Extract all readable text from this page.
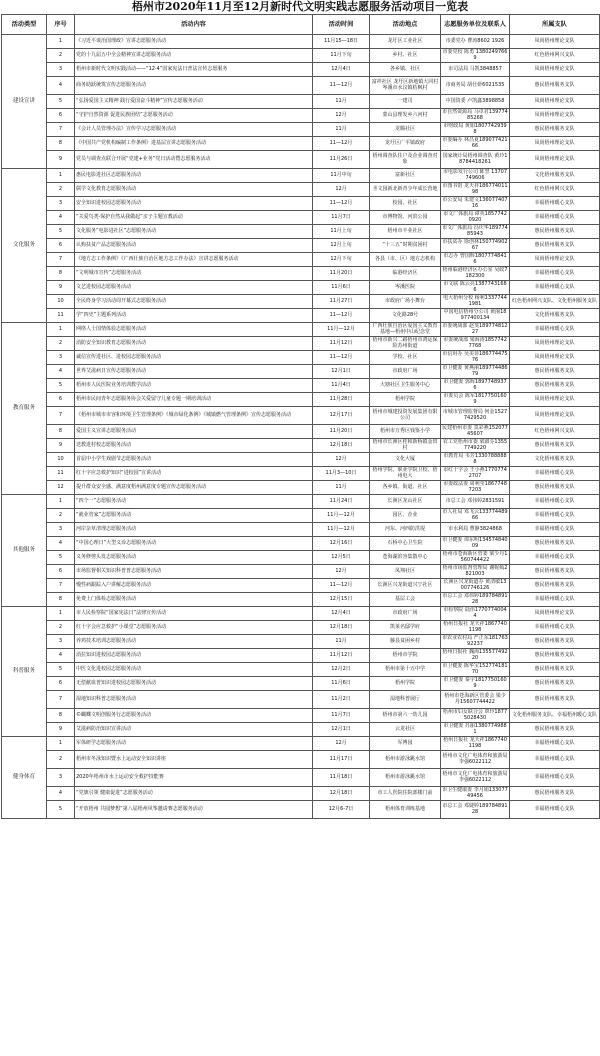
梧州市2020年11月至12月新时代文明实践志愿服务活动项目一览表
活动类型	序号	活动内容	活动时间	活动地点	志愿服务单位及联系人	所属支队
建设宣讲	1	《习近平谈治国理政》宣讲志愿服务活动	11月15—18日	龙圩区工业社区	市委党办 曹涛8602 1926	凤尚梧州理论支队
	2	党的十九届五中全会精神宣讲志愿服务活动	11月下旬	乡村、社区	市委党校 陈勇 13802497669	红色梧州网兴支队
	3	梧州市新时代文明实践活动——“12·4”国家宪法日普法宣传志愿服务	12月4日	各乡镇、社区	市司法局 马凯3848857	凤尚梧州理论支队
	4	商务助跃统筑宣传志愿服务活动	11—12月	富祥社区 龙圩区新地镇大同村 岑溪市水汶镇桔枫村	市商务局 胡仕妍6021535	惠民梧州服务支队
	5	“弘扬爱国主义精神 践行爱国奋斗精神”宣传志愿服务活动	11月	一建司	中国资委 卢凯鑫3898858	凤尚梧州理论支队
	6	“守护自然资源 促进民族团结”志愿服务活动	12月	蒙山县理发乡六河村	市自然资源局 马卓君13977485268	凤尚梧州理论支队
	7	《会计人员管理办法》宣传学习志愿服务活动	11月	龙腾社区	市财政局 黄娟18077429398	惠民梧州服务支队
	8	《中国共产党机构编制工作条例》进基层宣讲志愿服务活动	11—12月	龙圩区广平镇政府	市委编办 林昌夏18907742166	凤尚梧州理论支队
	9	党员与调查点联合开展“党建+业务”党日活动暨志愿服务活动	11月26日	梧州调查队住户及企业调查对象	国家统计局梧州调查队 黄玲18784418261	凤尚梧州理论支队
文化服务	1	惠民电影进社区志愿服务活动	11月中旬	富新社区	市电影发行公司 陈坚 13707749606	文化梧州服务支队
	2	儒学文化教育志愿服务活动	12月	圣文园新北新青少年成长营地	市图书馆 龙天祥18677401198	红色梧州网兴支队
	3	安全知识进校园志愿服务活动	11—12月	校园、社区	市公安局 朱建文13607740716	幸福梧州暖心支队
	4	“关爱鸟类·保护自然从我做起”亲子主题宣教活动	11月7日	市博物馆、河滨公园	市文广体旅局 谭英18577420920	幸福梧州暖心支队
	5	文化服务“电影进社区”志愿服务活动	11月上旬	梧州市丰业社区	市文广体旅局 冯庆华18977485943	惠民梧州服务支队
	6	认购扶贫产品志愿服务活动	12月上旬	“十三五”时期贫困村	市扶贫办 徐创林15077490267	惠民梧州服务支队
	7	《地方志工作条例》《广西壮族自治区地方志工作办法》宣讲志愿服务活动	12月下旬	各县（市、区）地方志机构	市志办 曾国辉18077748416	凤尚梧州理论支队
	8	“文明城市宣传”志愿服务活动	11月20日	临港经济区	梧州临港经济区办公室 吴政7182300	幸福梧州暖心支队
	9	文艺进校园志愿服务活动	11月6日	岑溪医院	市文联 陈云亮13877431686	幸福梧州暖心支队
	10	全民终身学习活动周开幕式志愿服务活动	11月27日	市政府广场小舞台	电大梧州分校 杨利13377441981	红色梧州网兴支队、文化梧州服务支队
	11	学“四史”主题系列活动	11—12月	文化路28号	中国电信梧州分公司 黄丽18977400134	文化梧州服务支队
教育服务	1	网络人士国情体验志愿服务活动	11月—12月	广西壮族自治区爱国主义教育基地—梧州中山纪念堂	市委统战部 赵斐18977481227	幸福梧州暖心支队
	2	消防安全知识教育志愿服务活动	11月12日	梧州市新兴二路梧州市鸿运保险苏州街道	市委统战部 梁海涛18577427768	凤尚梧州理论支队
	3	诚信宣传进社区、进校园志愿服务活动	11—12月	学校、社区	市信用办 吴美菲18677447576	凤尚梧州理论支队
	4	世界艾滋病日宣传志愿服务活动	12月1日	市政府广场	市卫健委 黄燕丽18977448679	惠民梧州服务支队
	5	梧州市人民医院业务培训教学活动	11月4日	大塘社区卫生服务中心	市卫健委 郭辉18977489376	惠民梧州服务支队
	6	梧州市民间青年志愿服务协会关爱留守儿童专题一期培训活动	11月28日	梧州学院	市委员会 陈军18177501609	凤尚梧州理论支队
	7	《梧州市城市市容和环境卫生管理条例》《城市绿化条例》《城镇燃气管理条例》宣传志愿服务活动	12月17日	梧州市城建投资发展集团有限公司	市城市管理监督局 何金15277429520	凤尚梧州理论支队
	8	爱国主义宣讲志愿服务活动	11月20日	梧州市万秀区钱鉴小学	民建梧州市委 莫彩燕15207745607	红色梧州网兴支队
	9	送教进村校志愿服务活动	12月18日	梧州市长洲区桂和新桥镇金田村	农工党梧州市委 梁淑芬13557749220	惠民梧州服务支队
	10	首届中小学生戏剧节志愿服务活动	12月	文化大厦	市教育局 韦芳13307888888	文化梧州服务支队
	11	红十字应急救护知识“进校园”宣讲活动	11月3—10日	梧州学院、职业学院卫校、梧州电大	市红十字会 王小燕17707742707	幸福梧州暖心支队
	12	提升群众安全感、满意度梧州满意度专题宣传志愿服务活动	11月	各乡镇、街道、社区	市委政法委 周利莹18677487203	惠民梧州服务支队
其他服务	1	“四个一”志愿服务活动	11月24日	长洲区龙山社区	市总工会 邓伟婷2831591	幸福梧州暖心支队
	2	“就业管家”志愿服务活动	11月—12月	园区、企业	市人社局 邓飞云13377448966	幸福梧州暖心支队
	3	河岸杂草清理志愿服务活动	11月—12月	河东、河西防洪堤	市水利局 曹静3824868	幸福梧州暖心支队
	4	“中国心理日”大型义诊志愿服务活动	12月16日	石桥中心卫生院	市卫健委 谭东明13457484009	惠民梧州服务支队
	5	义务修剪头发志愿服务活动	12月5日	苍海湖滨容集散中心	梧州市苍海新区管委 梁少丹1560744422	幸福梧州暖心支队
	6	市场监督相关知识科普普志愿服务活动	12月	凤翔社区	梧州市场监督管理局 谢妮嫣2821003	惠民梧州服务支队
	7	慢性病跟踪入户讲解志愿服务活动	11—12月	长洲区兴龙街道兴宁社区	长洲区兴龙街道办 黄清敏13007746126	惠民梧州服务支队
	8	免费上门体检志愿服务活动	12月15日	基层工会	市总工会 邓伟婷18978489128	幸福梧州暖心支队
科普服务	1	市人民检察院“国家宪法日”法律宣传活动	12月4日	市政府广场	市检察院 陆伟17707740044	凤尚梧州理论支队
	2	红十字会应急救护“小课堂”志愿服务活动	12月18日	凯莱名邸学府	梧州日报社 龙天祥18677401198	幸福梧州暖心支队
	3	养鸡技术培训志愿服务活动	11月	藤县贫困乡村	市农业农村局 严正东18176392237	惠民梧州服务支队
	4	消拉知识进校园志愿服务活动	11月12日	梧州市学院	梧州日报社 魏海13557749220	惠民梧州服务支队
	5	中医文化进校园志愿服务活动	12月2日	梧州市第十五中学	市卫健委 陈华宝15277418170	惠民梧州服务支队
	6	无偿献血普知识进校园志愿服务活动	11月6日	梧州学院	市卫健委 秦宇18177501609	惠民梧州服务支队
	7	湿地知识科普志愿服务活动	11月2日	湿地科普展厅	梧州市苍海新区管委会 梁少丹15607744422	惠民梧州服务支队
	8	©蝴蝶文明创服务行志愿服务活动	11月7日	梧州市第六一幼儿园	梧州市妇女联合会 覃玲18775028430	文化梧州服务支队、幸福梧州暖心支队
	9	艾滋病防治知识宣讲活动	12月1日	云龙社区	市卫健委 苏丽13807749881	惠民梧州服务支队
健身体育	1	军体研学志愿服务活动	12月	军博园	梧州日报社 龙天祥18677401198	幸福梧州暖心支队
	2	梧州市冬泳知识暨水上运动安全知识讲座	11月17日	梧州市游泳跳水馆	梧州市文化广电体育和旅游局 李强6022112	幸福梧州暖心支队
	3	2020年梧州市水上运动安全救护技能赛	11月18日	梧州市游泳跳水馆	梧州市文化广电体育和旅游局 李强6022112	幸福梧州暖心支队
	4	“党旗引领 健康促进”志愿服务活动	12月18日	市工人医院住院部楼门前	市卫生健康委 李月娟13307749456	惠民梧州服务支队
	5	“开放梧州 共圆梦想”第八届梧州风筝邀请赛志愿服务活动	12月6-7日	梧州体育训练基地	市总工会 邓婕婷18978489128	幸福梧州暖心支队
